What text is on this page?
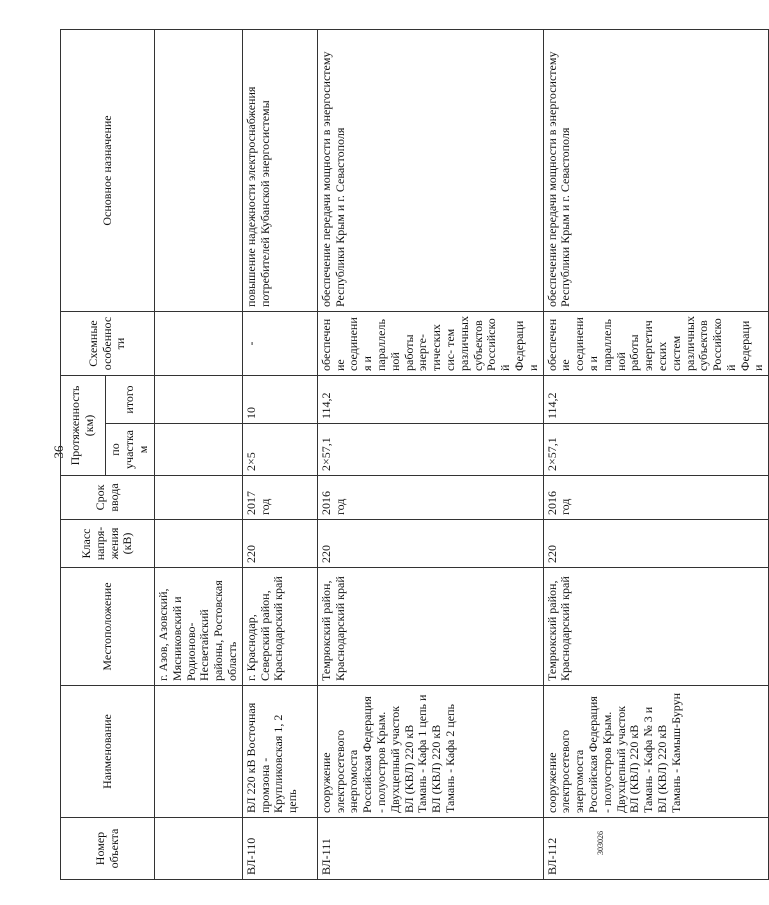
36
303026
Номер объекта	Наименование	Местоположение	Класс напря- жения (кВ)	Срок ввода	Протяженность (км)		Схемные особенности	Основное назначение
					по участкам	итого		
		г. Азов, Азовский, Мясниковский и Родионово-Несветайский районы, Ростовская область						
ВЛ-110	ВЛ 220 кВ Восточная промзона - Крупликовская 1, 2 цепь	г. Краснодар, Северский район, Краснодарский край	220	2017 год	2×5	10	-	повышение надежности электроснабжения потребителей Кубанской энергосистемы
ВЛ-111	сооружение электросетевого энергомоста Российская Федерация - полуостров Крым. Двухцепный участок ВЛ (КВЛ) 220 кВ Тамань - Кафа 1 цепь и ВЛ (КВЛ) 220 кВ Тамань - Кафа 2 цепь	Темрюкский район, Краснодарский край	220	2016 год	2×57,1	114,2	обеспечение соединения и параллельной работы энерге- тических сис- тем различных субъектов Российской Федерации	обеспечение передачи мощности в энергосистему Республики Крым и г. Севастополя
ВЛ-112	сооружение электросетевого энергомоста Российская Федерация - полуостров Крым. Двухцепный участок ВЛ (КВЛ) 220 кВ Тамань - Кафа № 3 и ВЛ (КВЛ) 220 кВ Тамань - Камыш-Бурун	Темрюкский район, Краснодарский край	220	2016 год	2×57,1	114,2	обеспечение соединения и параллельной работы энергетических систем различных субъектов Российской Федерации	обеспечение передачи мощности в энергосистему Республики Крым и г. Севастополя
